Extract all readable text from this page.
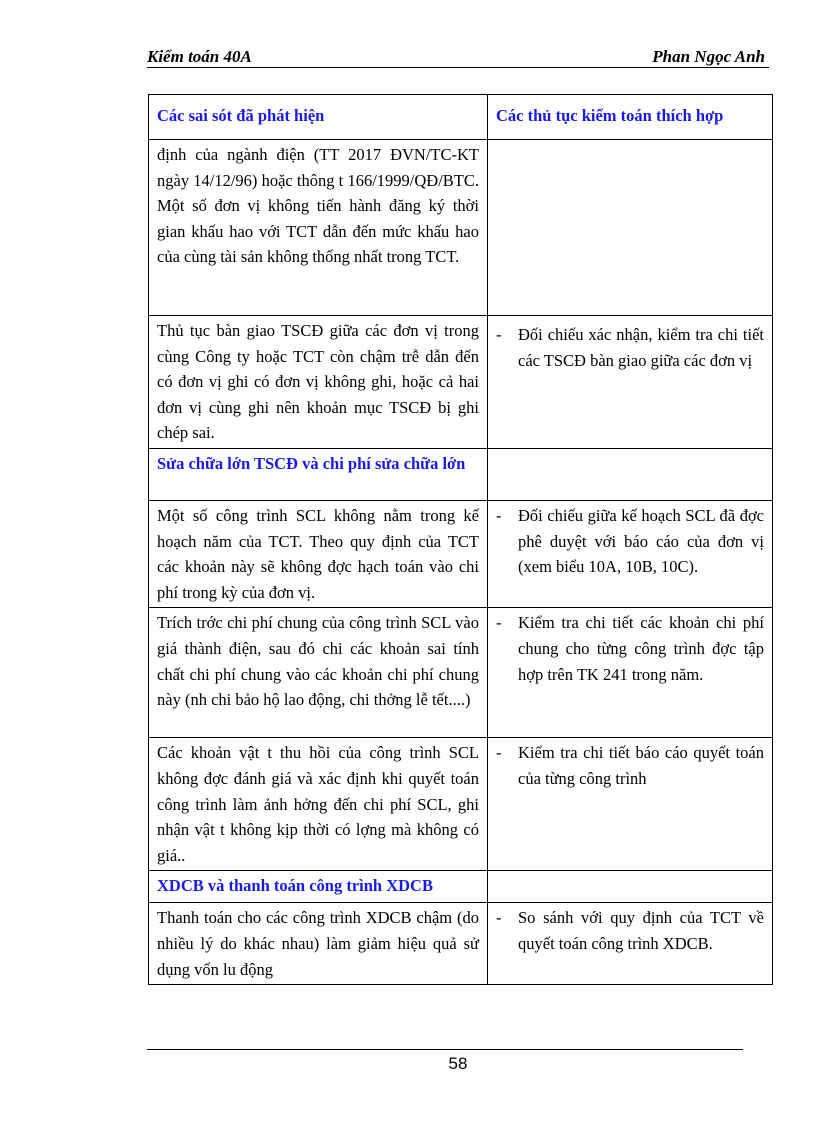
Kiểm toán 40A	Phan Ngọc Anh
Các sai sót đã phát hiện	Các thủ tục kiểm toán thích hợp
định của ngành điện (TT 2017 ĐVN/TC-KT ngày 14/12/96) hoặc thông t 166/1999/QĐ/BTC. Một số đơn vị không tiến hành đăng ký thời gian khấu hao với TCT dẫn đến mức khấu hao của cùng tài sản không thống nhất trong TCT.	
Thủ tục bàn giao TSCĐ giữa các đơn vị trong cùng Công ty hoặc TCT còn chậm trễ dẫn đến có đơn vị ghi có đơn vị không ghi, hoặc cả hai đơn vị cùng ghi nên khoản mục TSCĐ bị ghi chép sai.	- Đối chiếu xác nhận, kiểm tra chi tiết các TSCĐ bàn giao giữa các đơn vị

Sửa chữa lớn TSCĐ và chi phí sửa chữa lớn	
Một số công trình SCL không nằm trong kế hoạch năm của TCT. Theo quy định của TCT các khoản này sẽ không đợc hạch toán vào chi phí trong kỳ của đơn vị.	- Đối chiếu giữa kế hoạch SCL đã đợc phê duyệt với báo cáo của đơn vị (xem biểu 10A, 10B, 10C).

Trích trớc chi phí chung của công trình SCL vào giá thành điện, sau đó chi các khoản sai tính chất chi phí chung vào các khoản chi phí chung này (nh chi bảo hộ lao động, chi thởng lễ tết....)	- Kiểm tra chi tiết các khoản chi phí chung cho từng công trình đợc tập hợp trên TK 241 trong năm.

Các khoản vật t thu hồi của công trình SCL không đợc đánh giá và xác định khi quyết toán công trình làm ảnh hởng đến chi phí SCL, ghi nhận vật t không kịp thời có lợng mà không có giá..	- Kiểm tra chi tiết báo cáo quyết toán của từng công trình

XDCB và thanh toán công trình XDCB	
Thanh toán cho các công trình XDCB chậm (do nhiều lý do khác nhau) làm giảm hiệu quả sử dụng vốn lu động	- So sánh với quy định của TCT về quyết toán công trình XDCB.
58
